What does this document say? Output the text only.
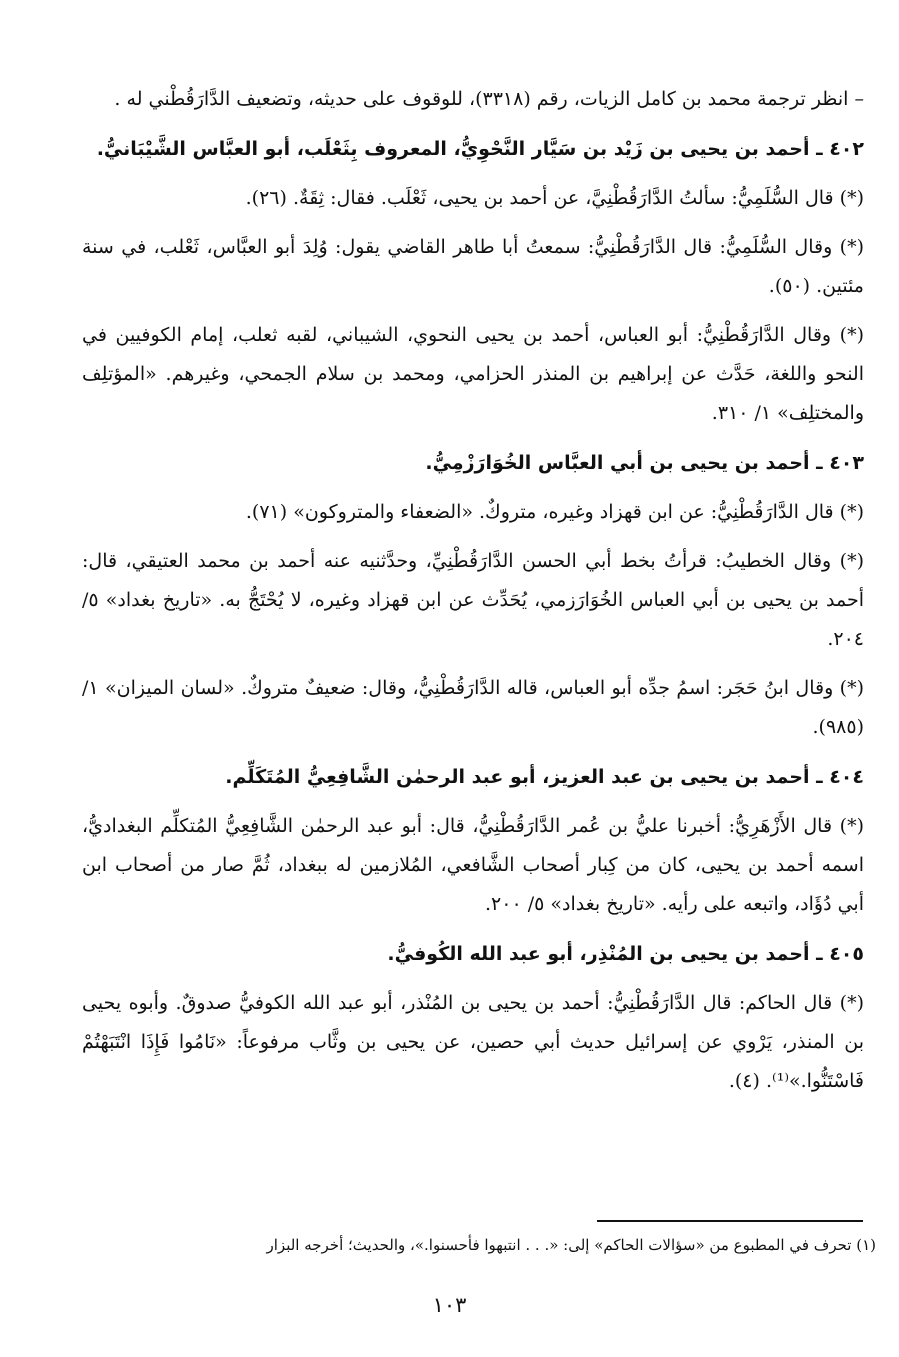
– انظر ترجمة محمد بن كامل الزيات، رقم (٣٣١٨)، للوقوف على حديثه، وتضعيف الدَّارَقُطْني له .

٤٠٢ ـ أحمد بن يحيى بن زَيْد بن سَيَّار النَّحْوِيُّ، المعروف بِثَعْلَب، أبو العبَّاس الشَّيْبَانيُّ.

(*) قال السُّلَمِيُّ: سألتُ الدَّارَقُطْنِيَّ، عن أحمد بن يحيى، ثَعْلَب. فقال: ثِقَةٌ. (٢٦).

(*) وقال السُّلَمِيُّ: قال الدَّارَقُطْنِيُّ: سمعتُ أبا طاهر القاضي يقول: وُلِدَ أبو العبَّاس، ثَعْلب، في سنة مئتين. (٥٠).

(*) وقال الدَّارَقُطْنِيُّ: أبو العباس، أحمد بن يحيى النحوي، الشيباني، لقبه ثعلب، إمام الكوفيين في النحو واللغة، حَدَّث عن إبراهيم بن المنذر الحزامي، ومحمد بن سلام الجمحي، وغيرهم. «المؤتلِف والمختلِف» ١/ ٣١٠.

٤٠٣ ـ أحمد بن يحيى بن أبي العبَّاس الخُوَارَزْمِيُّ.

(*) قال الدَّارَقُطْنِيُّ: عن ابن قهزاد وغيره، متروكٌ. «الضعفاء والمتروكون» (٧١).

(*) وقال الخطيبُ: قرأتُ بخط أبي الحسن الدَّارَقُطْنِيِّ، وحدَّثنيه عنه أحمد بن محمد العتيقي، قال: أحمد بن يحيى بن أبي العباس الخُوَارَزمي، يُحَدِّث عن ابن قهزاد وغيره، لا يُحْتَجُّ به. «تاريخ بغداد» ٥/ ٢٠٤.

(*) وقال ابنُ حَجَر: اسمُ جدِّه أبو العباس، قاله الدَّارَقُطْنِيُّ، وقال: ضعيفٌ متروكٌ. «لسان الميزان» ١/ (٩٨٥).

٤٠٤ ـ أحمد بن يحيى بن عبد العزيز، أبو عبد الرحمٰن الشَّافِعِيُّ المُتَكَلِّم.

(*) قال الأَزْهَرِيُّ: أخبرنا عليُّ بن عُمر الدَّارَقُطْنِيُّ، قال: أبو عبد الرحمٰن الشَّافِعِيُّ المُتكلِّم البغداديُّ، اسمه أحمد بن يحيى، كان من كِبار أصحاب الشَّافعي، المُلازمين له ببغداد، ثُمَّ صار من أصحاب ابن أبي دُؤَاد، واتبعه على رأيه. «تاريخ بغداد» ٥/ ٢٠٠.

٤٠٥ ـ أحمد بن يحيى بن المُنْذِر، أبو عبد الله الكُوفيُّ.

(*) قال الحاكم: قال الدَّارَقُطْنِيُّ: أحمد بن يحيى بن المُنْذر، أبو عبد الله الكوفيُّ صدوقٌ. وأبوه يحيى بن المنذر، يَرْوي عن إسرائيل حديث أبي حصين، عن يحيى بن وثَّاب مرفوعاً: «نَامُوا فَإِذَا انْتَبَهْتُمْ فَاسْتَنُّوا.»⁽¹⁾. (٤).

(١) تحرف في المطبوع من «سؤالات الحاكم» إلى: «. . . انتبهوا فأحسنوا.»، والحديث؛ أخرجه البزار

١٠٣
